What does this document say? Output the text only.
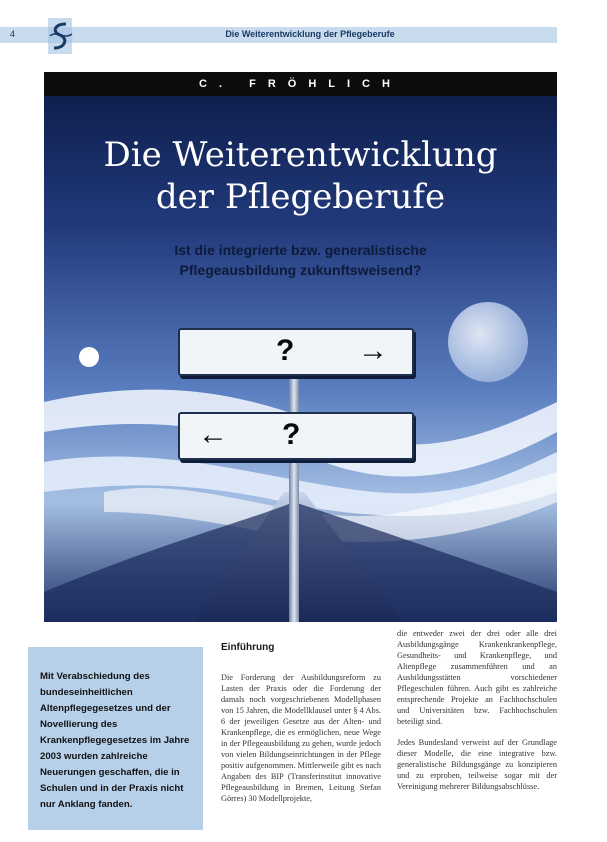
4	Die Weiterentwicklung der Pflegeberufe
C. FRÖHLICH
Die Weiterentwicklung
der Pflegeberufe
Ist die integrierte bzw. generalistische
Pflegeausbildung zukunftsweisend?
? →
← ?
Mit Verabschiedung des bundeseinheitlichen Altenpflegegesetzes und der Novellierung des Krankenpflegegesetzes im Jahre 2003 wurden zahlreiche Neuerungen geschaffen, die in Schulen und in der Praxis nicht nur Anklang fanden.
Einführung

Die Forderung der Ausbildungsreform zu Lasten der Praxis oder die Forderung der damals noch vorgeschriebenen Modellphasen von 15 Jahren, die Modellklausel unter § 4 Abs. 6 der jeweiligen Gesetze aus der Alten- und Krankenpflege, die es ermöglichen, neue Wege in der Pflegeausbildung zu gehen, wurde jedoch von vielen Bildungseinrichtungen in der Pflege positiv aufgenommen. Mittlerweile gibt es nach Angaben des BIP (Transferinstitut innovative Pflegeausbildung in Bremen, Leitung Stefan Görres) 30 Modellprojekte,

die entweder zwei der drei oder alle drei Ausbildungsgänge Krankenkrankenpflege, Gesundheits- und Krankenpflege, und Altenpflege zusammenführen und an Ausbildungsstätten vorschiedener Pflegeschulen führen. Auch gibt es zahlreiche entsprechende Projekte an Fachhochschulen und Universitäten bzw. Fachhochschulen beteiligt sind.

Jedes Bundesland verweist auf der Grundlage dieser Modelle, die eine integrative bzw. generalistische Bildungsgänge zu konzipieren und zu erproben, teilweise sogar mit der Vereinigung mehrerer Bildungsabschlüsse.
